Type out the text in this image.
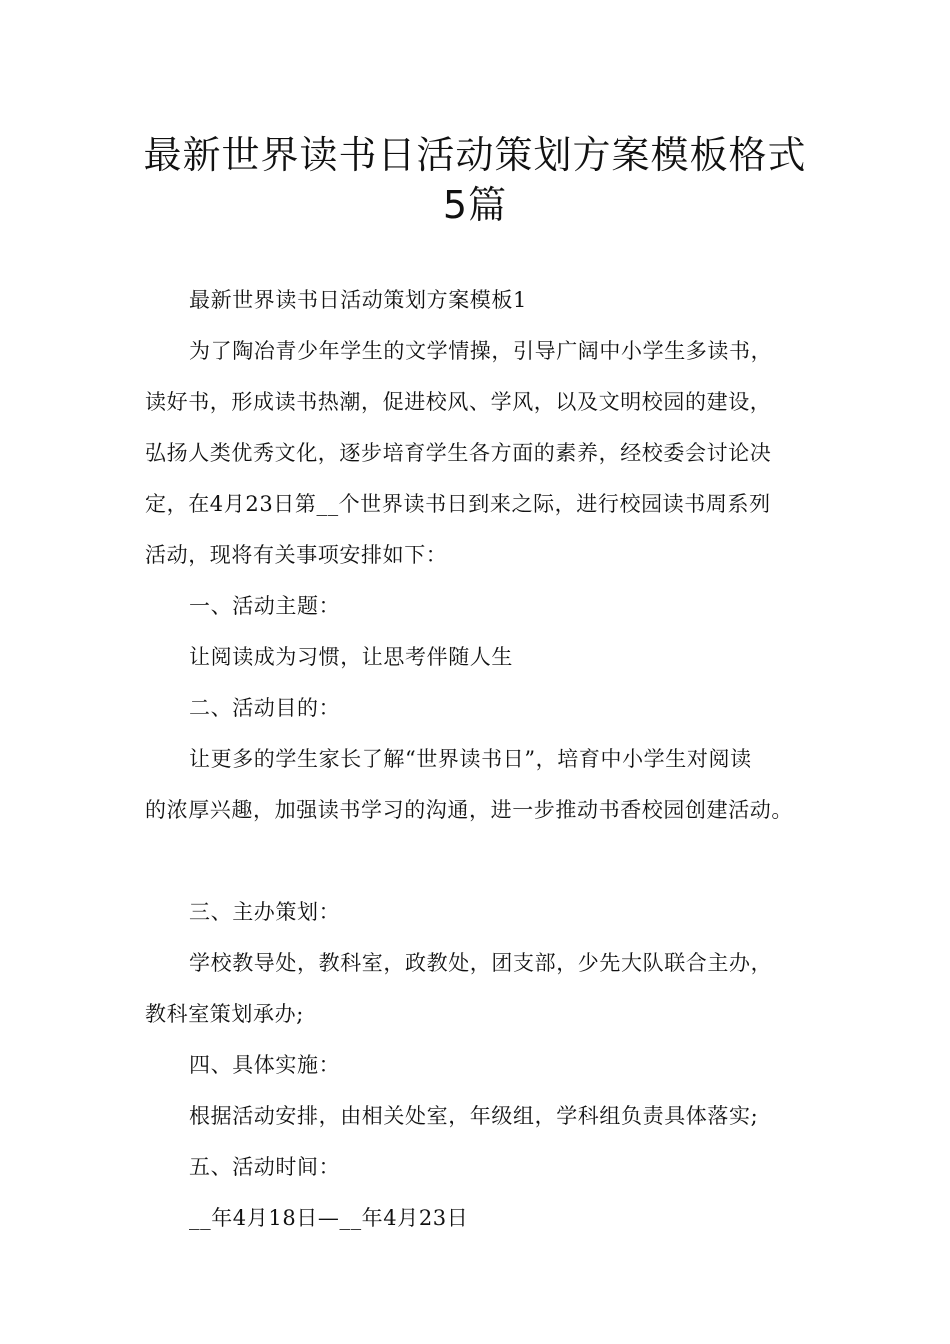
最新世界读书日活动策划方案模板格式
5篇
最新世界读书日活动策划方案模板1
为了陶冶青少年学生的文学情操，引导广阔中小学生多读书，
读好书，形成读书热潮，促进校风、学风，以及文明校园的建设，
弘扬人类优秀文化，逐步培育学生各方面的素养，经校委会讨论决
定，在4月23日第__个世界读书日到来之际，进行校园读书周系列
活动，现将有关事项安排如下：
一、活动主题：
让阅读成为习惯，让思考伴随人生
二、活动目的：
让更多的学生家长了解“世界读书日”，培育中小学生对阅读
的浓厚兴趣，加强读书学习的沟通，进一步推动书香校园创建活动。
三、主办策划：
学校教导处，教科室，政教处，团支部，少先大队联合主办，
教科室策划承办;
四、具体实施：
根据活动安排，由相关处室，年级组，学科组负责具体落实;
五、活动时间：
__年4月18日—__年4月23日
